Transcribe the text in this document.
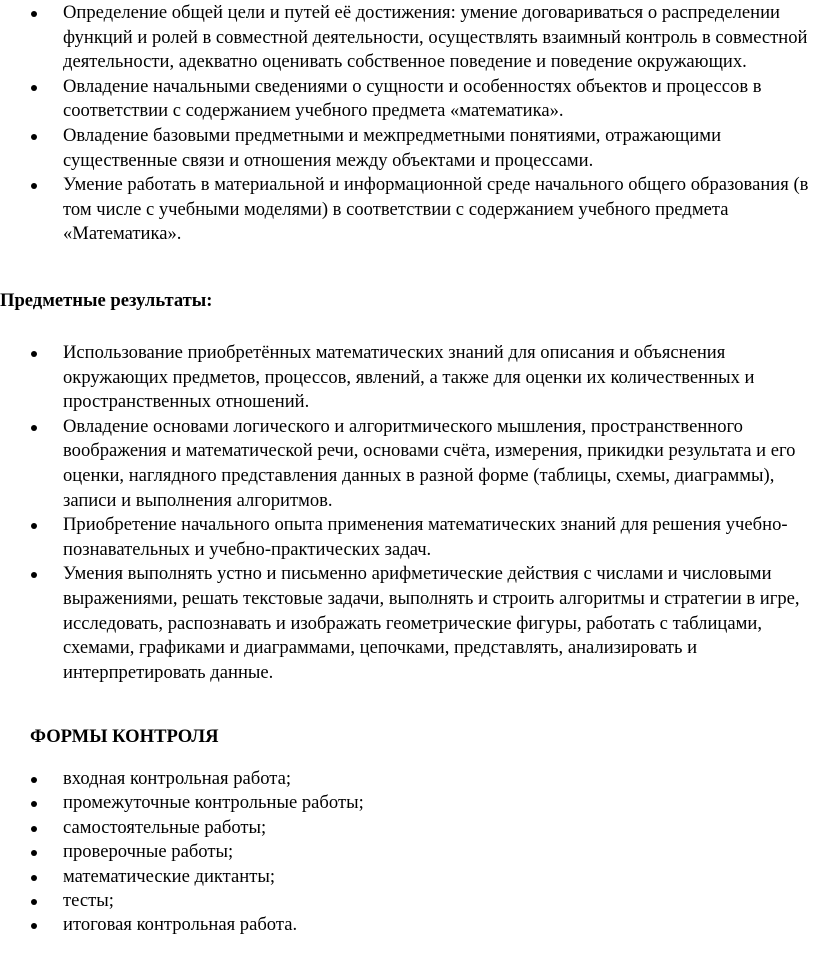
Определение общей цели и путей её достижения: умение договариваться о распределении функций и ролей в совместной деятельности, осуществлять взаимный контроль в совместной деятельности, адекватно оценивать собственное поведение и поведение окружающих.
Овладение начальными сведениями о сущности и особенностях объектов и процессов в соответствии с содержанием учебного предмета «математика».
Овладение базовыми предметными и межпредметными понятиями, отражающими существенные связи и отношения между объектами и процессами.
Умение работать в материальной и информационной среде начального общего образования (в том числе с учебными моделями) в соответствии с содержанием учебного предмета «Математика».
Предметные результаты:
Использование приобретённых математических знаний для описания и объяснения окружающих предметов, процессов, явлений, а также для оценки их количественных и пространственных отношений.
Овладение основами логического и алгоритмического мышления, пространственного воображения и математической речи, основами счёта, измерения, прикидки результата и его оценки, наглядного представления данных в разной форме (таблицы, схемы, диаграммы), записи и выполнения алгоритмов.
Приобретение начального опыта применения математических знаний для решения учебно-познавательных и учебно-практических задач.
Умения выполнять устно и письменно арифметические действия с числами и числовыми выражениями, решать текстовые задачи, выполнять и строить алгоритмы и стратегии в игре, исследовать, распознавать и изображать геометрические фигуры, работать с таблицами, схемами, графиками и диаграммами, цепочками, представлять, анализировать и интерпретировать данные.
ФОРМЫ КОНТРОЛЯ
входная контрольная работа;
промежуточные контрольные работы;
самостоятельные работы;
проверочные работы;
математические диктанты;
тесты;
итоговая контрольная работа.
